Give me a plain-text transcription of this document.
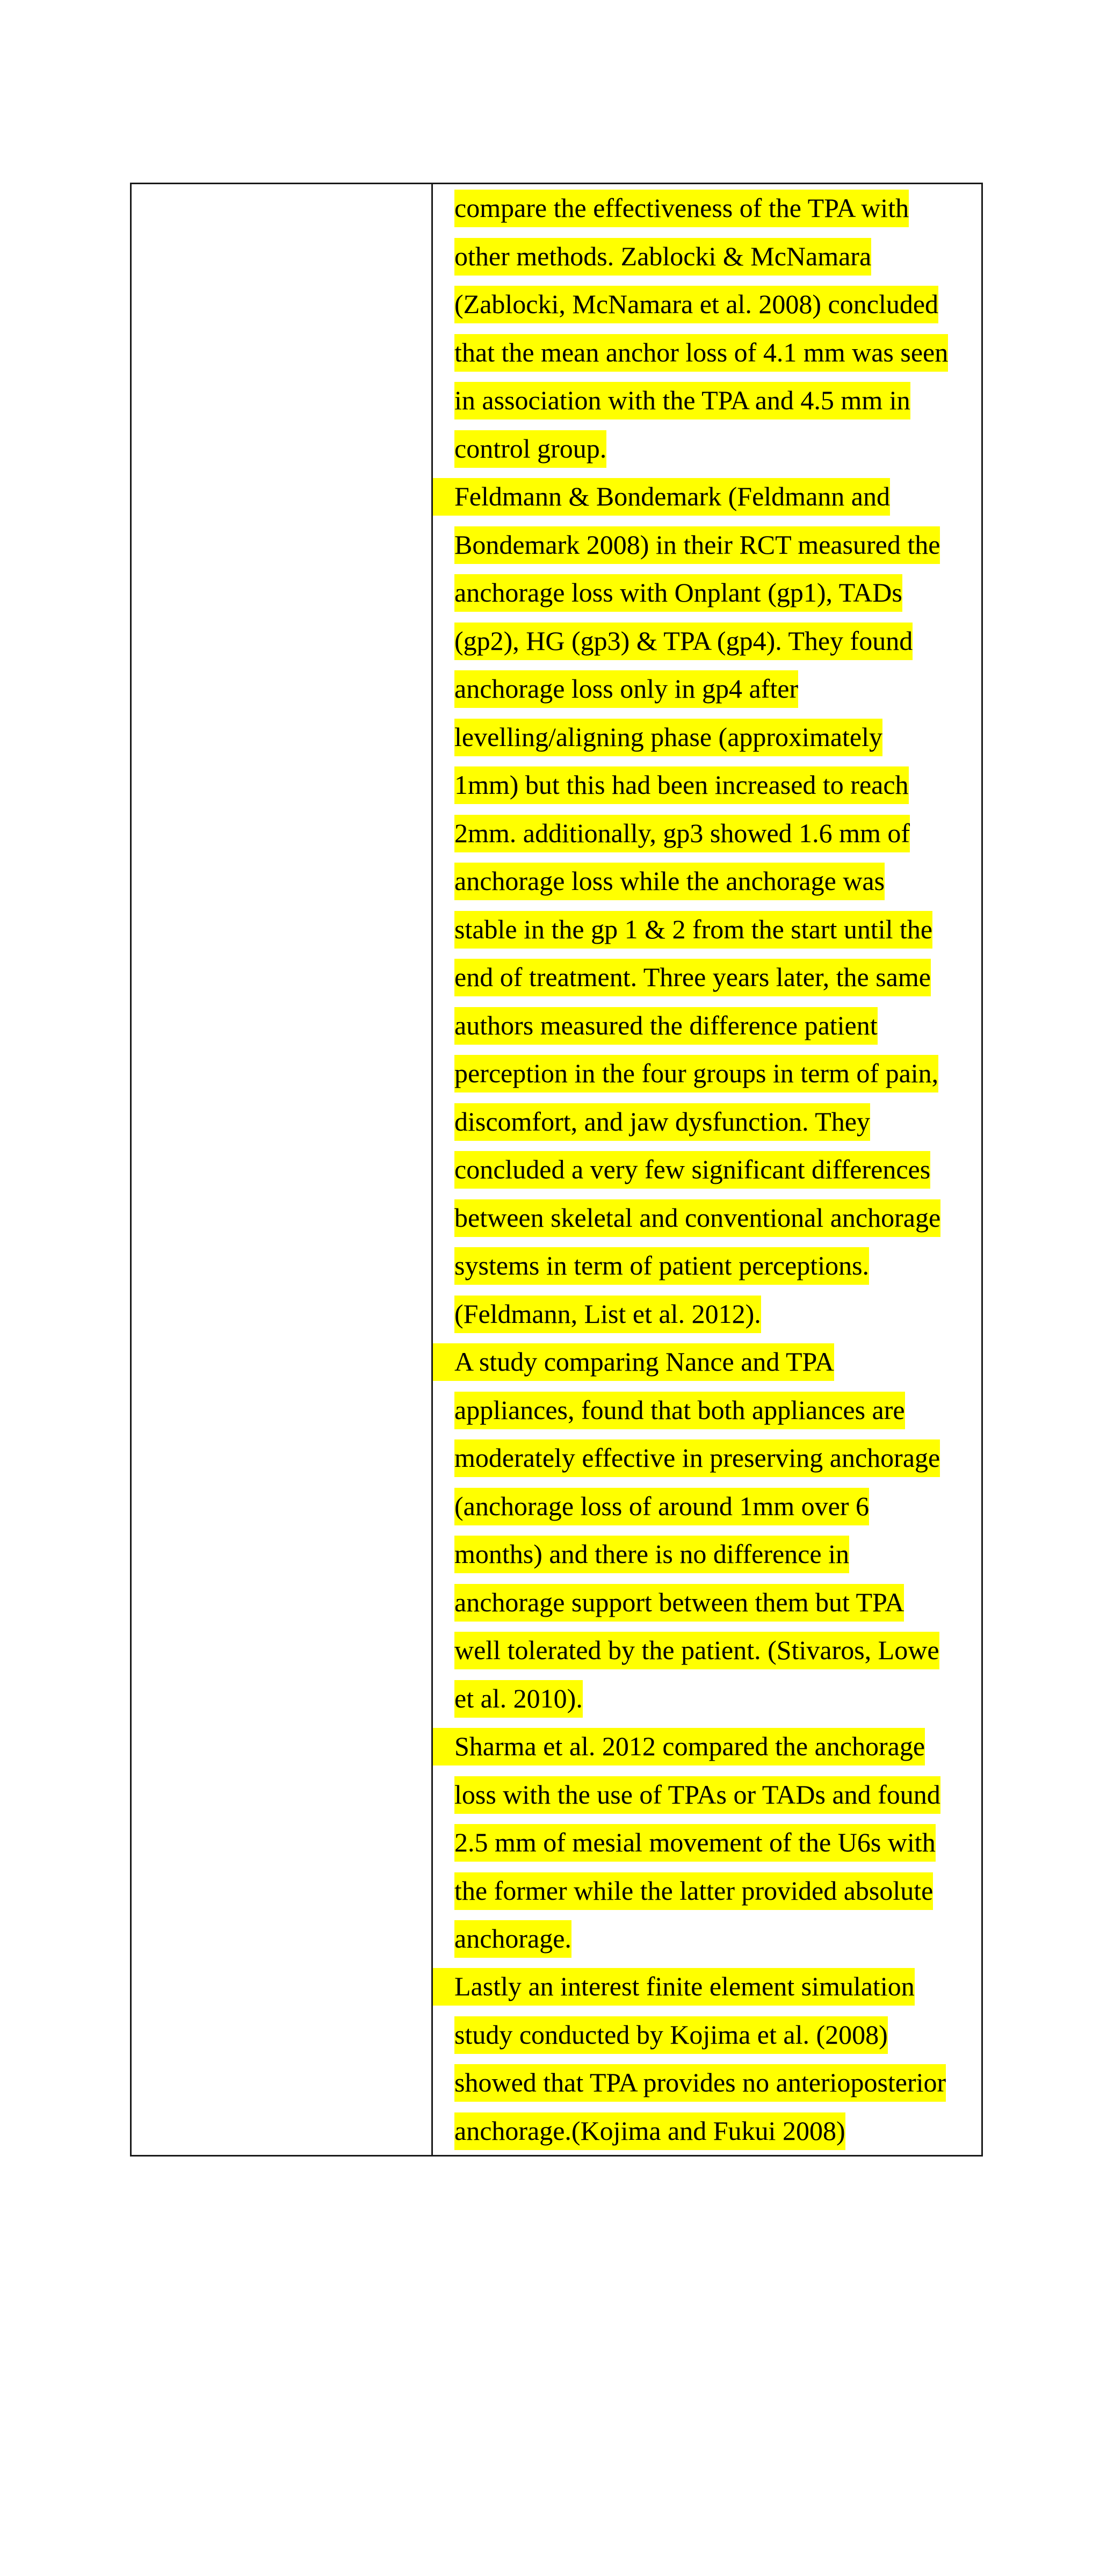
compare the effectiveness of the TPA with
other methods. Zablocki & McNamara
(Zablocki, McNamara et al. 2008) concluded
that the mean anchor loss of 4.1 mm was seen
in association with the TPA and 4.5 mm in
control group.
Feldmann & Bondemark (Feldmann and
Bondemark 2008) in their RCT measured the
anchorage loss with Onplant (gp1), TADs
(gp2), HG (gp3) & TPA (gp4). They found
anchorage loss only in gp4 after
levelling/aligning phase (approximately
1mm) but this had been increased to reach
2mm. additionally, gp3 showed 1.6 mm of
anchorage loss while the anchorage was
stable in the gp 1 & 2 from the start until the
end of treatment. Three years later, the same
authors measured the difference patient
perception in the four groups in term of pain,
discomfort, and jaw dysfunction. They
concluded a very few significant differences
between skeletal and conventional anchorage
systems in term of patient perceptions.
(Feldmann, List et al. 2012).
A study comparing Nance and TPA
appliances, found that both appliances are
moderately effective in preserving anchorage
(anchorage loss of around 1mm over 6
months) and there is no difference in
anchorage support between them but TPA
well tolerated by the patient. (Stivaros, Lowe
et al. 2010).
Sharma et al. 2012 compared the anchorage
loss with the use of TPAs or TADs and found
2.5 mm of mesial movement of the U6s with
the former while the latter provided absolute
anchorage.
Lastly an interest finite element simulation
study conducted by Kojima et al. (2008)
showed that TPA provides no anterioposterior
anchorage.(Kojima and Fukui 2008)
